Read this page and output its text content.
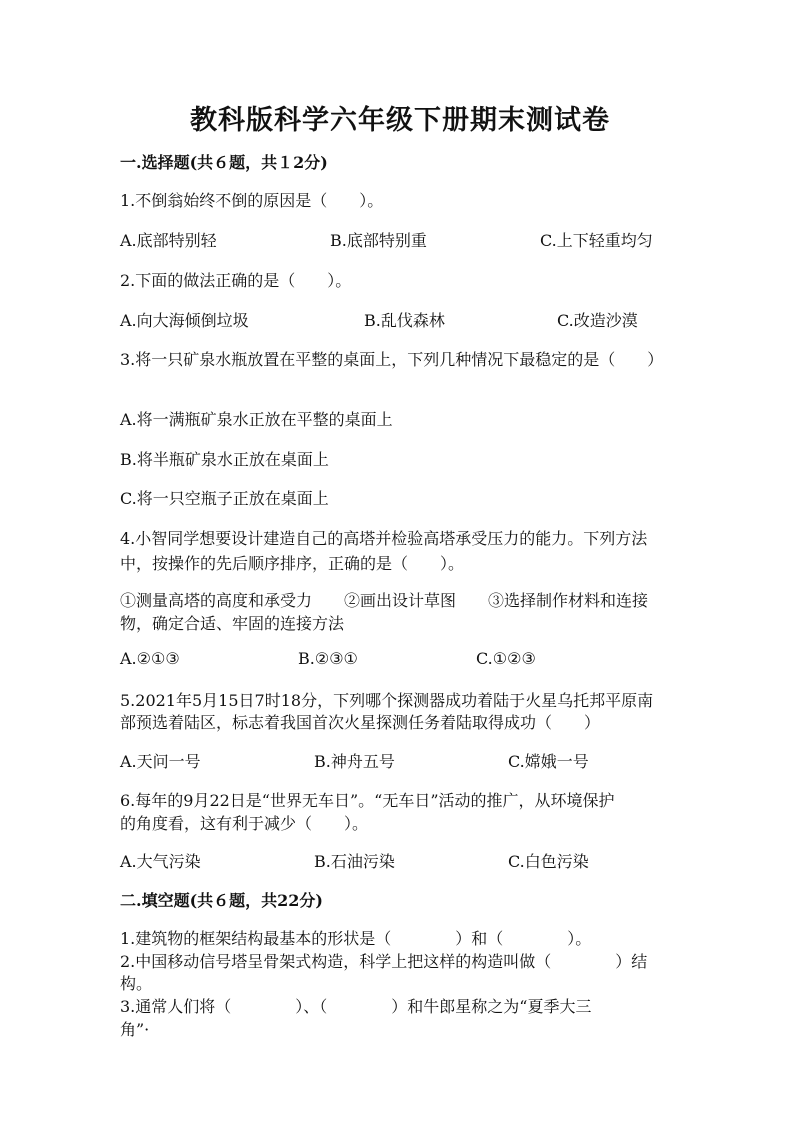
教科版科学六年级下册期末测试卷
一.选择题(共６题，共１2分)
1.不倒翁始终不倒的原因是（　　）。
A.底部特别轻	B.底部特别重	C.上下轻重均匀
2.下面的做法正确的是（　　）。
A.向大海倾倒垃圾	B.乱伐森林	C.改造沙漠
3.将一只矿泉水瓶放置在平整的桌面上，下列几种情况下最稳定的是（　　）
A.将一满瓶矿泉水正放在平整的桌面上
B.将半瓶矿泉水正放在桌面上
C.将一只空瓶子正放在桌面上
4.小智同学想要设计建造自己的高塔并检验高塔承受压力的能力。下列方法
中，按操作的先后顺序排序，正确的是（　　）。
①测量高塔的高度和承受力　　②画出设计草图　　③选择制作材料和连接
物，确定合适、牢固的连接方法
A.②①③	B.②③①	C.①②③
5.2021年5月15日7时18分，下列哪个探测器成功着陆于火星乌托邦平原南
部预选着陆区，标志着我国首次火星探测任务着陆取得成功（　　）
A.天问一号	B.神舟五号	C.嫦娥一号
6.每年的9月22日是“世界无车日”。“无车日”活动的推广，从环境保护
的角度看，这有利于减少（　　）。
A.大气污染	B.石油污染	C.白色污染
二.填空题(共６题，共22分)
1.建筑物的框架结构最基本的形状是（　　　　）和（　　　　）。
2.中国移动信号塔呈骨架式构造，科学上把这样的构造叫做（　　　　）结
构。
3.通常人们将（　　　　）、（　　　　）和牛郎星称之为“夏季大三
角”·
